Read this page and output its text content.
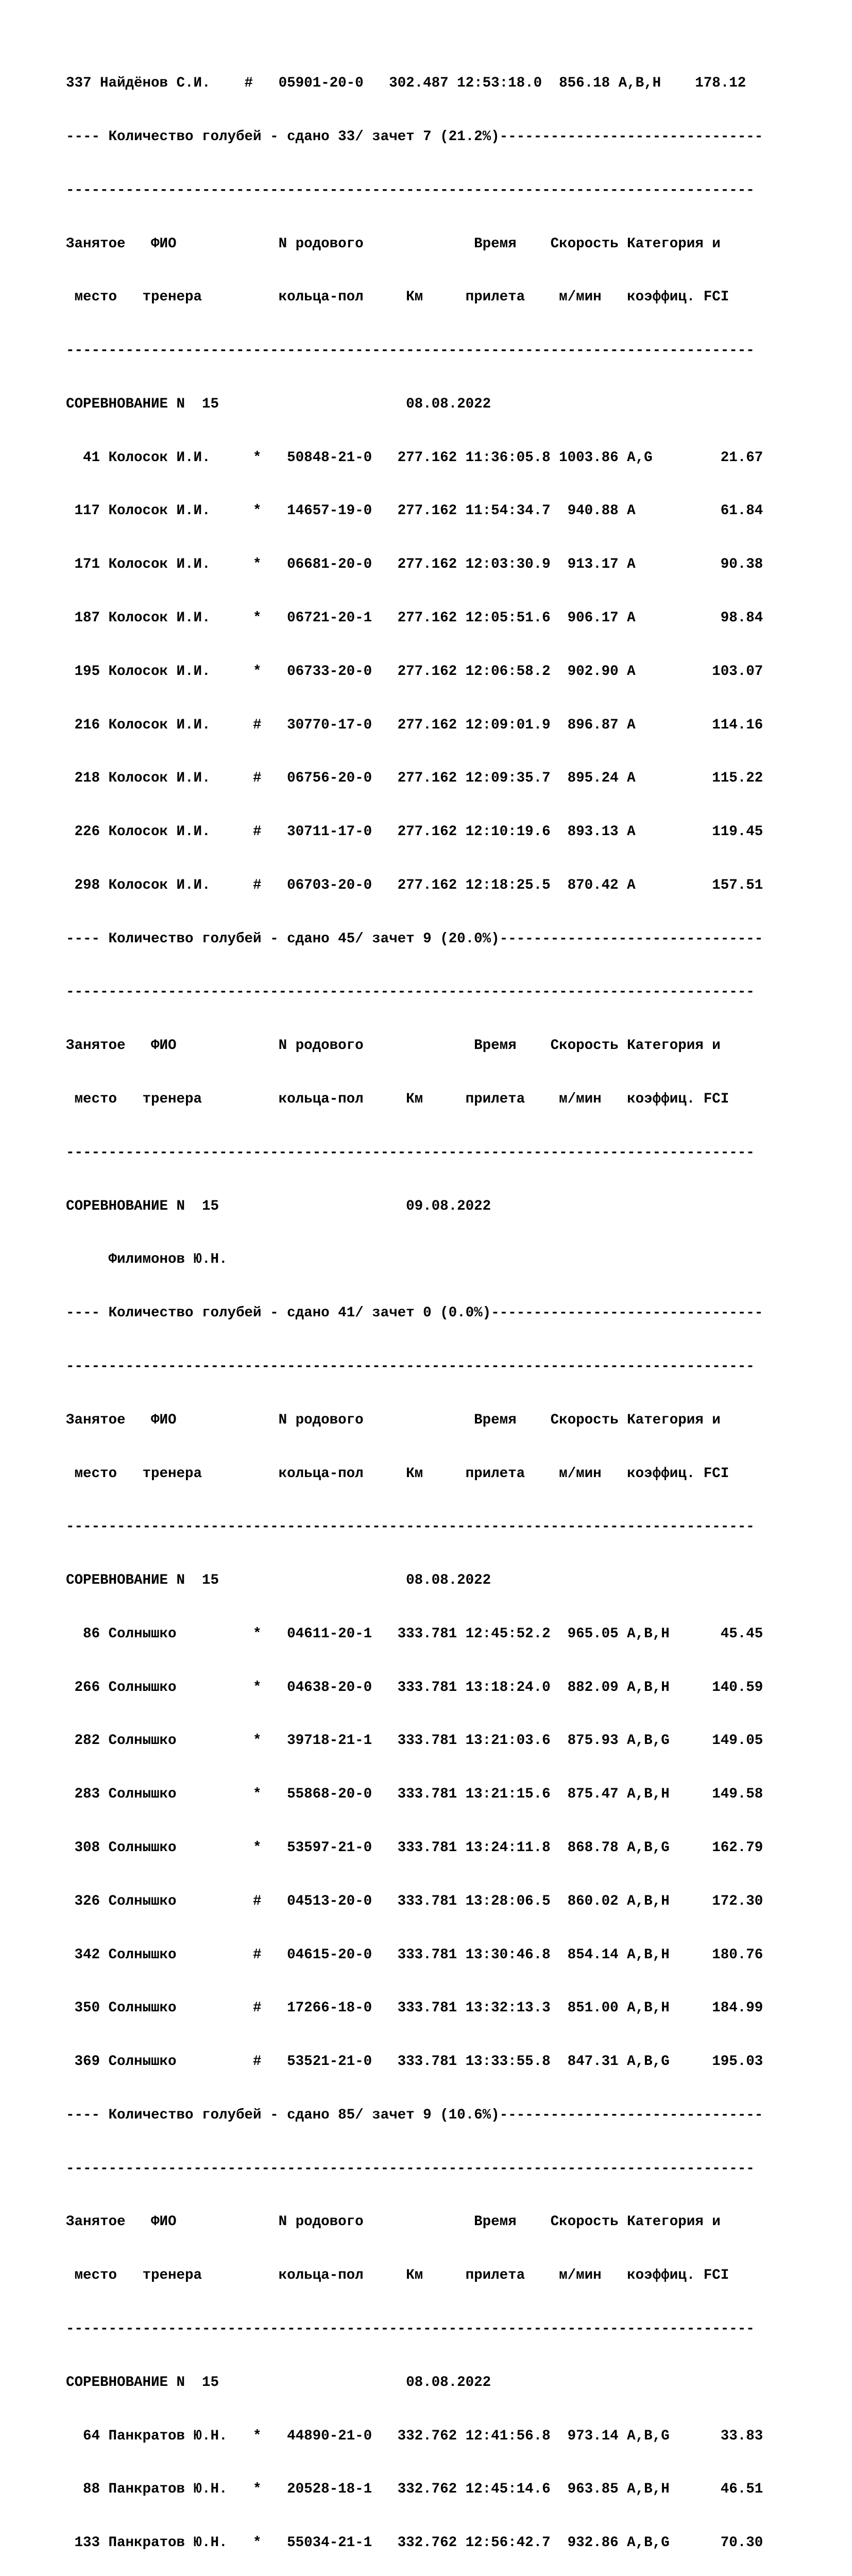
337 Найдёнов С.И.    #   05901-20-0   302.487 12:53:18.0  856.18 A,B,H    178.12

---- Количество голубей - сдано 33/ зачет 7 (21.2%)-------------------------------

---------------------------------------------------------------------------------

Занятое   ФИО            N родового             Время    Скорость Категория и

место   тренера         кольца-пол     Км     прилета    м/мин   коэффиц. FCI

---------------------------------------------------------------------------------

СОРЕВНОВАНИЕ N  15                      08.08.2022

41 Колосок И.И.     *   50848-21-0   277.162 11:36:05.8 1003.86 A,G        21.67

117 Колосок И.И.     *   14657-19-0   277.162 11:54:34.7  940.88 A          61.84

171 Колосок И.И.     *   06681-20-0   277.162 12:03:30.9  913.17 A          90.38

187 Колосок И.И.     *   06721-20-1   277.162 12:05:51.6  906.17 A          98.84

195 Колосок И.И.     *   06733-20-0   277.162 12:06:58.2  902.90 A         103.07

216 Колосок И.И.     #   30770-17-0   277.162 12:09:01.9  896.87 A         114.16

218 Колосок И.И.     #   06756-20-0   277.162 12:09:35.7  895.24 A         115.22

226 Колосок И.И.     #   30711-17-0   277.162 12:10:19.6  893.13 A         119.45

298 Колосок И.И.     #   06703-20-0   277.162 12:18:25.5  870.42 A         157.51

---- Количество голубей - сдано 45/ зачет 9 (20.0%)-------------------------------

---------------------------------------------------------------------------------

Занятое   ФИО            N родового             Время    Скорость Категория и

место   тренера         кольца-пол     Км     прилета    м/мин   коэффиц. FCI

---------------------------------------------------------------------------------

СОРЕВНОВАНИЕ N  15                      09.08.2022

Филимонов Ю.Н.

---- Количество голубей - сдано 41/ зачет 0 (0.0%)--------------------------------

---------------------------------------------------------------------------------

Занятое   ФИО            N родового             Время    Скорость Категория и

место   тренера         кольца-пол     Км     прилета    м/мин   коэффиц. FCI

---------------------------------------------------------------------------------

СОРЕВНОВАНИЕ N  15                      08.08.2022

86 Солнышко         *   04611-20-1   333.781 12:45:52.2  965.05 A,B,H      45.45

266 Солнышко         *   04638-20-0   333.781 13:18:24.0  882.09 A,B,H     140.59

282 Солнышко         *   39718-21-1   333.781 13:21:03.6  875.93 A,B,G     149.05

283 Солнышко         *   55868-20-0   333.781 13:21:15.6  875.47 A,B,H     149.58

308 Солнышко         *   53597-21-0   333.781 13:24:11.8  868.78 A,B,G     162.79

326 Солнышко         #   04513-20-0   333.781 13:28:06.5  860.02 A,B,H     172.30

342 Солнышко         #   04615-20-0   333.781 13:30:46.8  854.14 A,B,H     180.76

350 Солнышко         #   17266-18-0   333.781 13:32:13.3  851.00 A,B,H     184.99

369 Солнышко         #   53521-21-0   333.781 13:33:55.8  847.31 A,B,G     195.03

---- Количество голубей - сдано 85/ зачет 9 (10.6%)-------------------------------

---------------------------------------------------------------------------------

Занятое   ФИО            N родового             Время    Скорость Категория и

место   тренера         кольца-пол     Км     прилета    м/мин   коэффиц. FCI

---------------------------------------------------------------------------------

СОРЕВНОВАНИЕ N  15                      08.08.2022

64 Панкратов Ю.Н.   *   44890-21-0   332.762 12:41:56.8  973.14 A,B,G      33.83

88 Панкратов Ю.Н.   *   20528-18-1   332.762 12:45:14.6  963.85 A,B,H      46.51

133 Панкратов Ю.Н.   *   55034-21-1   332.762 12:56:42.7  932.86 A,B,G      70.30
